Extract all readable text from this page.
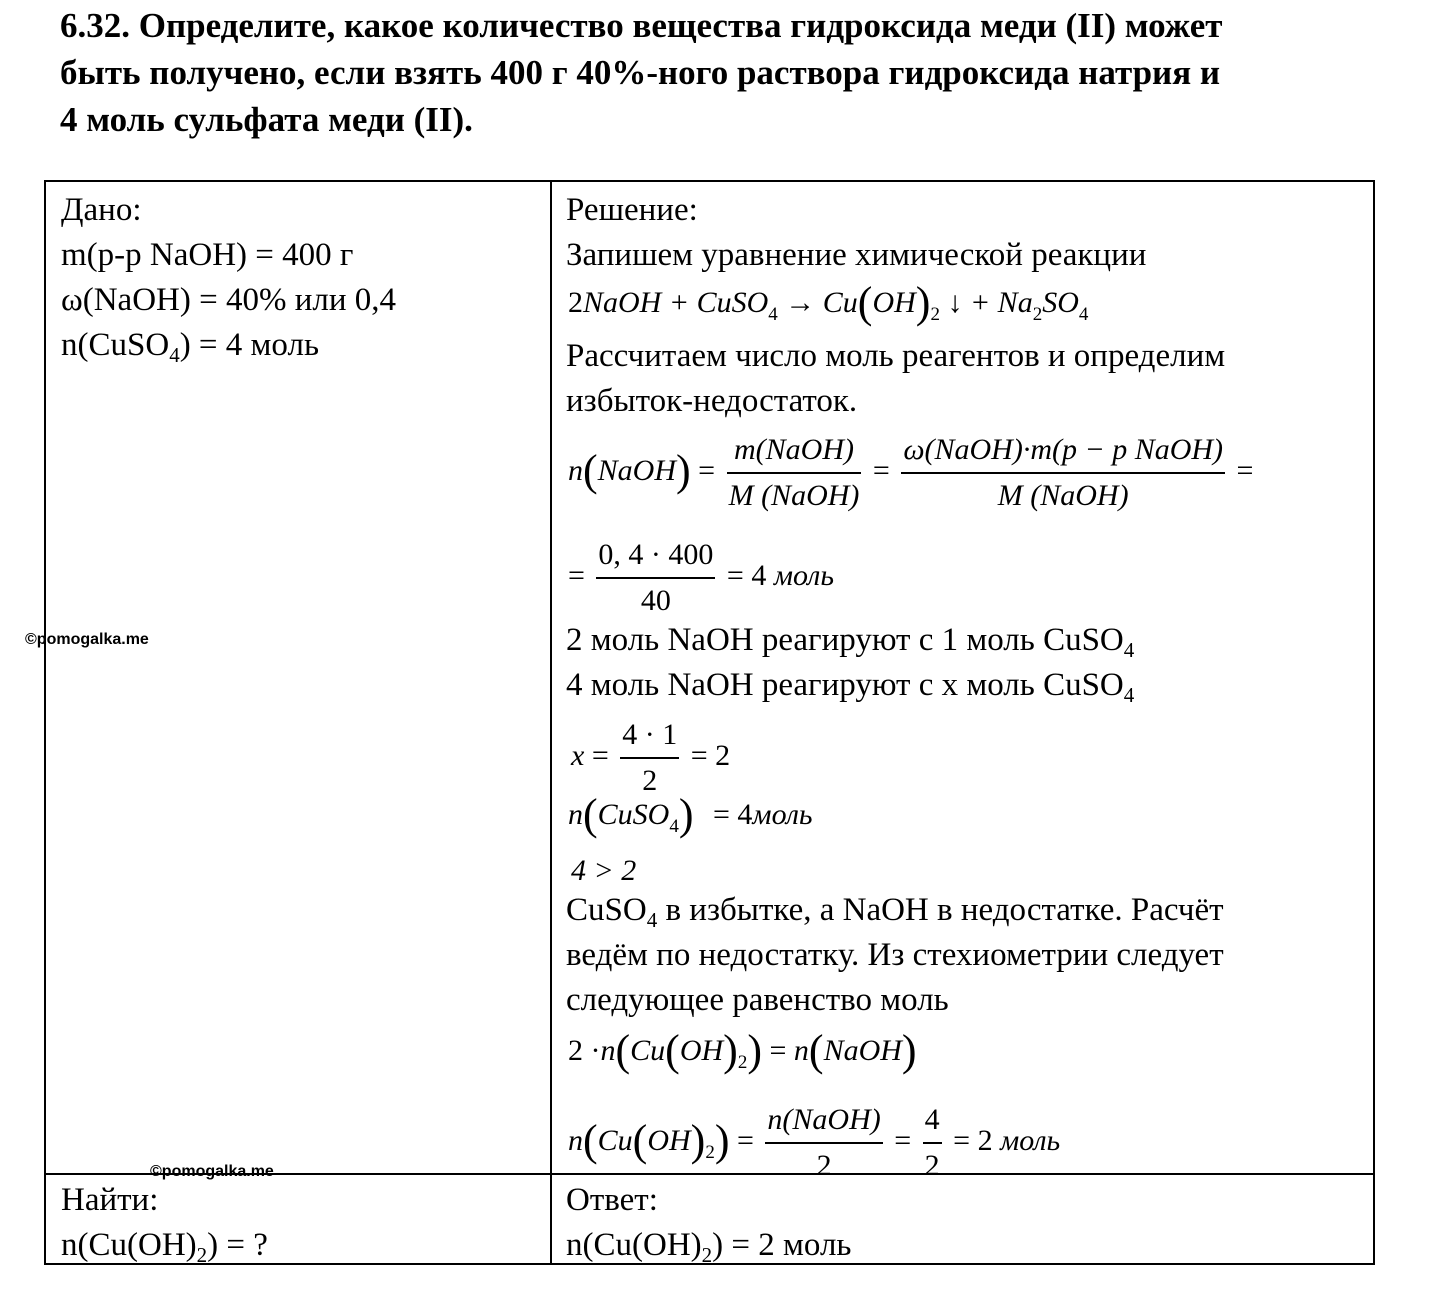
6.32. Определите, какое количество вещества гидроксида меди (II) может
быть получено, если взять 400 г 40%-ного раствора гидроксида натрия и
4 моль сульфата меди (II).
Дано:
m(р-р NaOH) = 400 г
ω(NaOH) = 40% или 0,4
n(CuSO$_4$) = 4 моль
Найти:
$n(Cu(OH)_2)$ = ?
Ответ:
$n(Cu(OH)_2) = 2$ моль
Решение:
Запишем уравнение химической реакции
2NaOH + CuSO$_4$ → $Cu(OH)_2$ ↓ + $Na_2SO_4$
Рассчитаем число моль реагентов и определим
избыток-недостаток.
n(NaOH) = $\frac{\text{m(NaOH)}}{\text{M (NaOH)}} = \frac{\text{ω(NaOH)·m(p − p NaOH)}}{\text{M (NaOH)}}$ =
= $\frac{0, 4 \cdot 400}{40} = 4$ моль
2 моль NaOH реагируют с 1 моль CuSO$_4$
4 моль NaOH реагируют с x моль CuSO$_4$
$x = \frac{4 \cdot 1}{2} = 2$
n(CuSO$_4$) = 4моль
4 > 2
CuSO$_4$ в избытке, а NaOH в недостатке. Расчёт
ведём по недостатку. Из стехиометрии следует
следующее равенство моль
$2 \cdot n(Cu(OH)_2)$ = n(NaOH)
$n(Cu(OH)_2) = \frac{\text{n(NaOH)}}{2} = \frac{4}{2} = 2$ моль
©pomogalka.me
©pomogalka.me
